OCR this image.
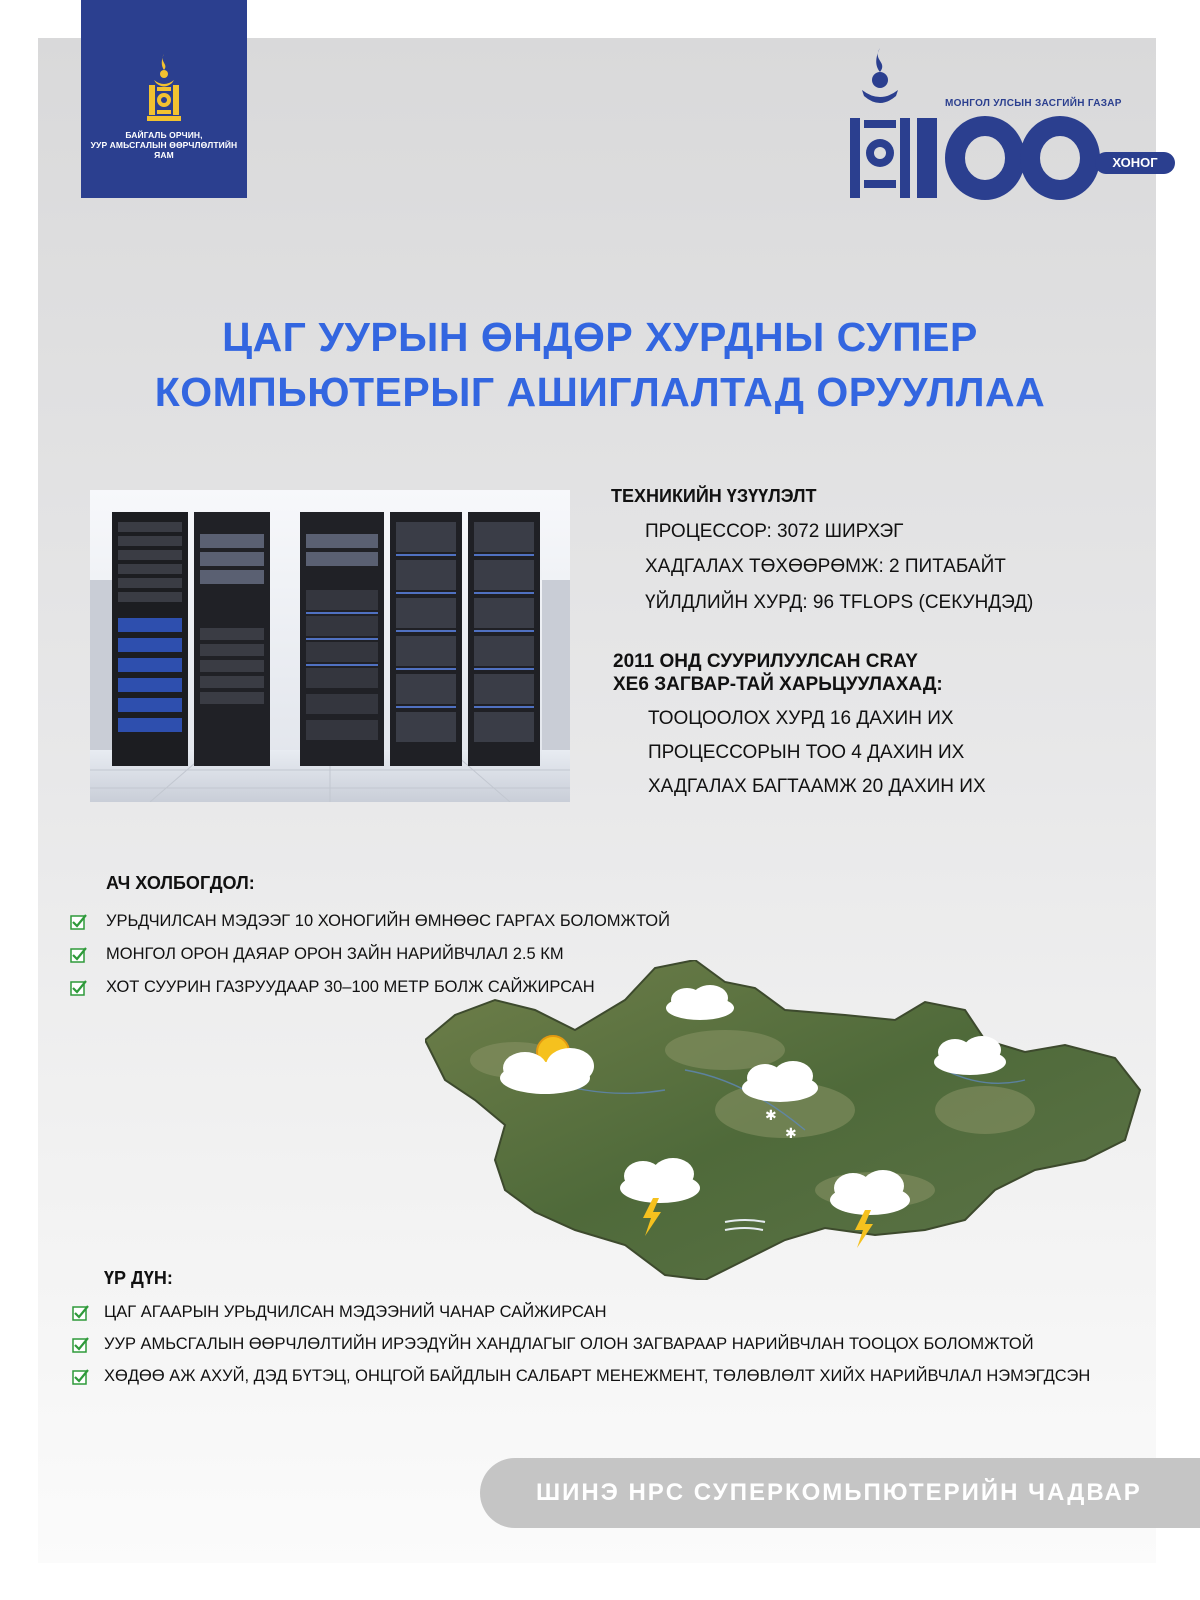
БАЙГАЛЬ ОРЧИН,
УУР АМЬСГАЛЫН ӨӨРЧЛӨЛТИЙН
ЯАМ
МОНГОЛ УЛСЫН ЗАСГИЙН ГАЗАР
ХОНОГ
ЦАГ УУРЫН ӨНДӨР ХУРДНЫ СУПЕР
КОМПЬЮТЕРЫГ АШИГЛАЛТАД ОРУУЛЛАА
ТЕХНИКИЙН ҮЗҮҮЛЭЛТ
ПРОЦЕССОР: 3072 ШИРХЭГ
ХАДГАЛАХ ТӨХӨӨРӨМЖ: 2 ПИТАБАЙТ
ҮЙЛДЛИЙН ХУРД: 96 TFLOPS (СЕКУНДЭД)
2011 ОНД СУУРИЛУУЛСАН CRAY
XE6 ЗАГВАР-ТАЙ ХАРЬЦУУЛАХАД:
ТООЦООЛОХ ХУРД 16 ДАХИН ИХ
ПРОЦЕССОРЫН ТОО 4 ДАХИН ИХ
ХАДГАЛАХ БАГТААМЖ 20 ДАХИН ИХ
АЧ ХОЛБОГДОЛ:
УРЬДЧИЛСАН МЭДЭЭГ 10 ХОНОГИЙН ӨМНӨӨС ГАРГАХ БОЛОМЖТОЙ
МОНГОЛ ОРОН ДАЯАР ОРОН ЗАЙН НАРИЙВЧЛАЛ 2.5 КМ
ХОТ СУУРИН ГАЗРУУДААР 30–100 МЕТР БОЛЖ САЙЖИРСАН
✱
✱
ҮР ДҮН:
ЦАГ АГААРЫН УРЬДЧИЛСАН МЭДЭЭНИЙ ЧАНАР САЙЖИРСАН
УУР АМЬСГАЛЫН ӨӨРЧЛӨЛТИЙН ИРЭЭДҮЙН ХАНДЛАГЫГ ОЛОН ЗАГВАРААР НАРИЙВЧЛАН ТООЦОХ БОЛОМЖТОЙ
ХӨДӨӨ АЖ АХУЙ, ДЭД БҮТЭЦ, ОНЦГОЙ БАЙДЛЫН САЛБАРТ МЕНЕЖМЕНТ, ТӨЛӨВЛӨЛТ ХИЙХ НАРИЙВЧЛАЛ НЭМЭГДСЭН
ШИНЭ HPC СУПЕРКОМЬПЮТЕРИЙН ЧАДВАР
